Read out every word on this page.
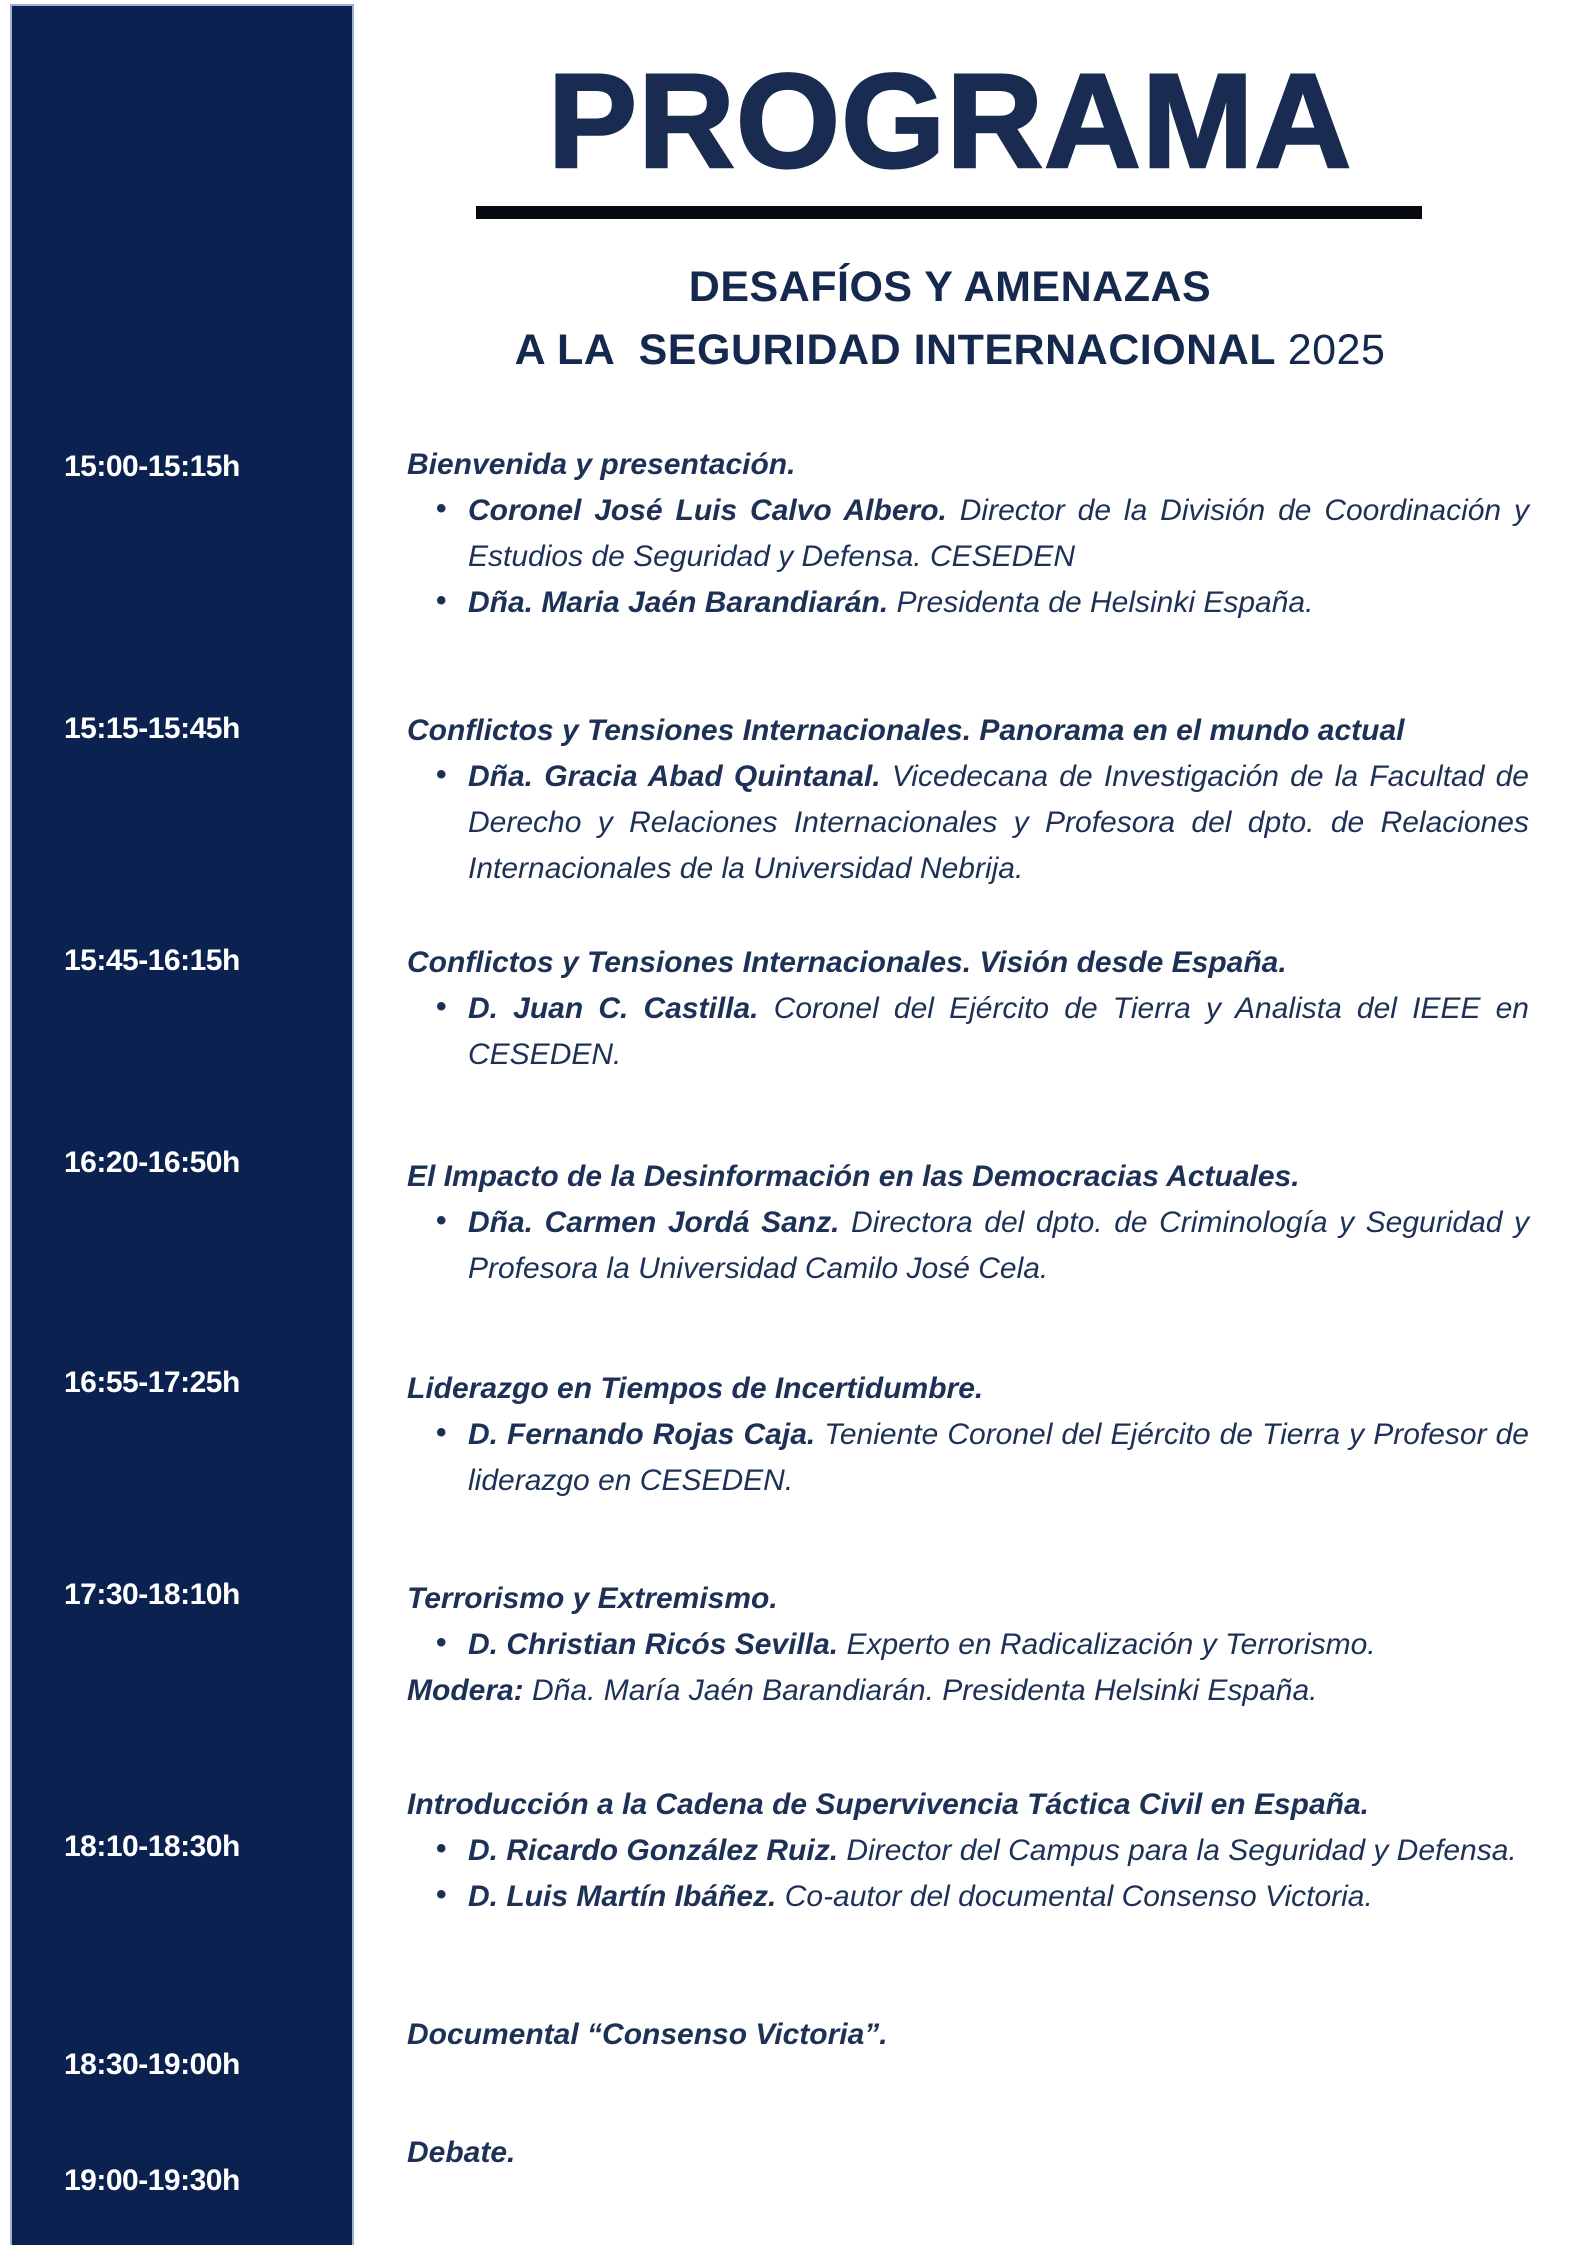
PROGRAMA
DESAFÍOS Y AMENAZAS
A LA  SEGURIDAD INTERNACIONAL 2025
15:00-15:15h
15:15-15:45h
15:45-16:15h
16:20-16:50h
16:55-17:25h
17:30-18:10h
18:10-18:30h
18:30-19:00h
19:00-19:30h
Bienvenida y presentación.
• Coronel José Luis Calvo Albero. Director de la División de Coordinación y Estudios de Seguridad y Defensa. CESEDEN
• Dña. Maria Jaén Barandiarán. Presidenta de Helsinki España.
Conflictos y Tensiones Internacionales. Panorama en el mundo actual
• Dña. Gracia Abad Quintanal. Vicedecana de Investigación de la Facultad de Derecho y Relaciones Internacionales y Profesora del dpto. de Relaciones Internacionales de la Universidad Nebrija.
Conflictos y Tensiones Internacionales. Visión desde España.
• D. Juan C. Castilla. Coronel del Ejército de Tierra y Analista del IEEE en CESEDEN.
El Impacto de la Desinformación en las Democracias Actuales.
• Dña. Carmen Jordá Sanz. Directora del dpto. de Criminología y Seguridad y Profesora la Universidad Camilo José Cela.
Liderazgo en Tiempos de Incertidumbre.
• D. Fernando Rojas Caja. Teniente Coronel del Ejército de Tierra y Profesor de liderazgo en CESEDEN.
Terrorismo y Extremismo.
• D. Christian Ricós Sevilla. Experto en Radicalización y Terrorismo.
Modera: Dña. María Jaén Barandiarán. Presidenta Helsinki España.
Introducción a la Cadena de Supervivencia Táctica Civil en España.
• D. Ricardo González Ruiz. Director del Campus para la Seguridad y Defensa.
• D. Luis Martín Ibáñez. Co-autor del documental Consenso Victoria.
Documental “Consenso Victoria”.
Debate.
